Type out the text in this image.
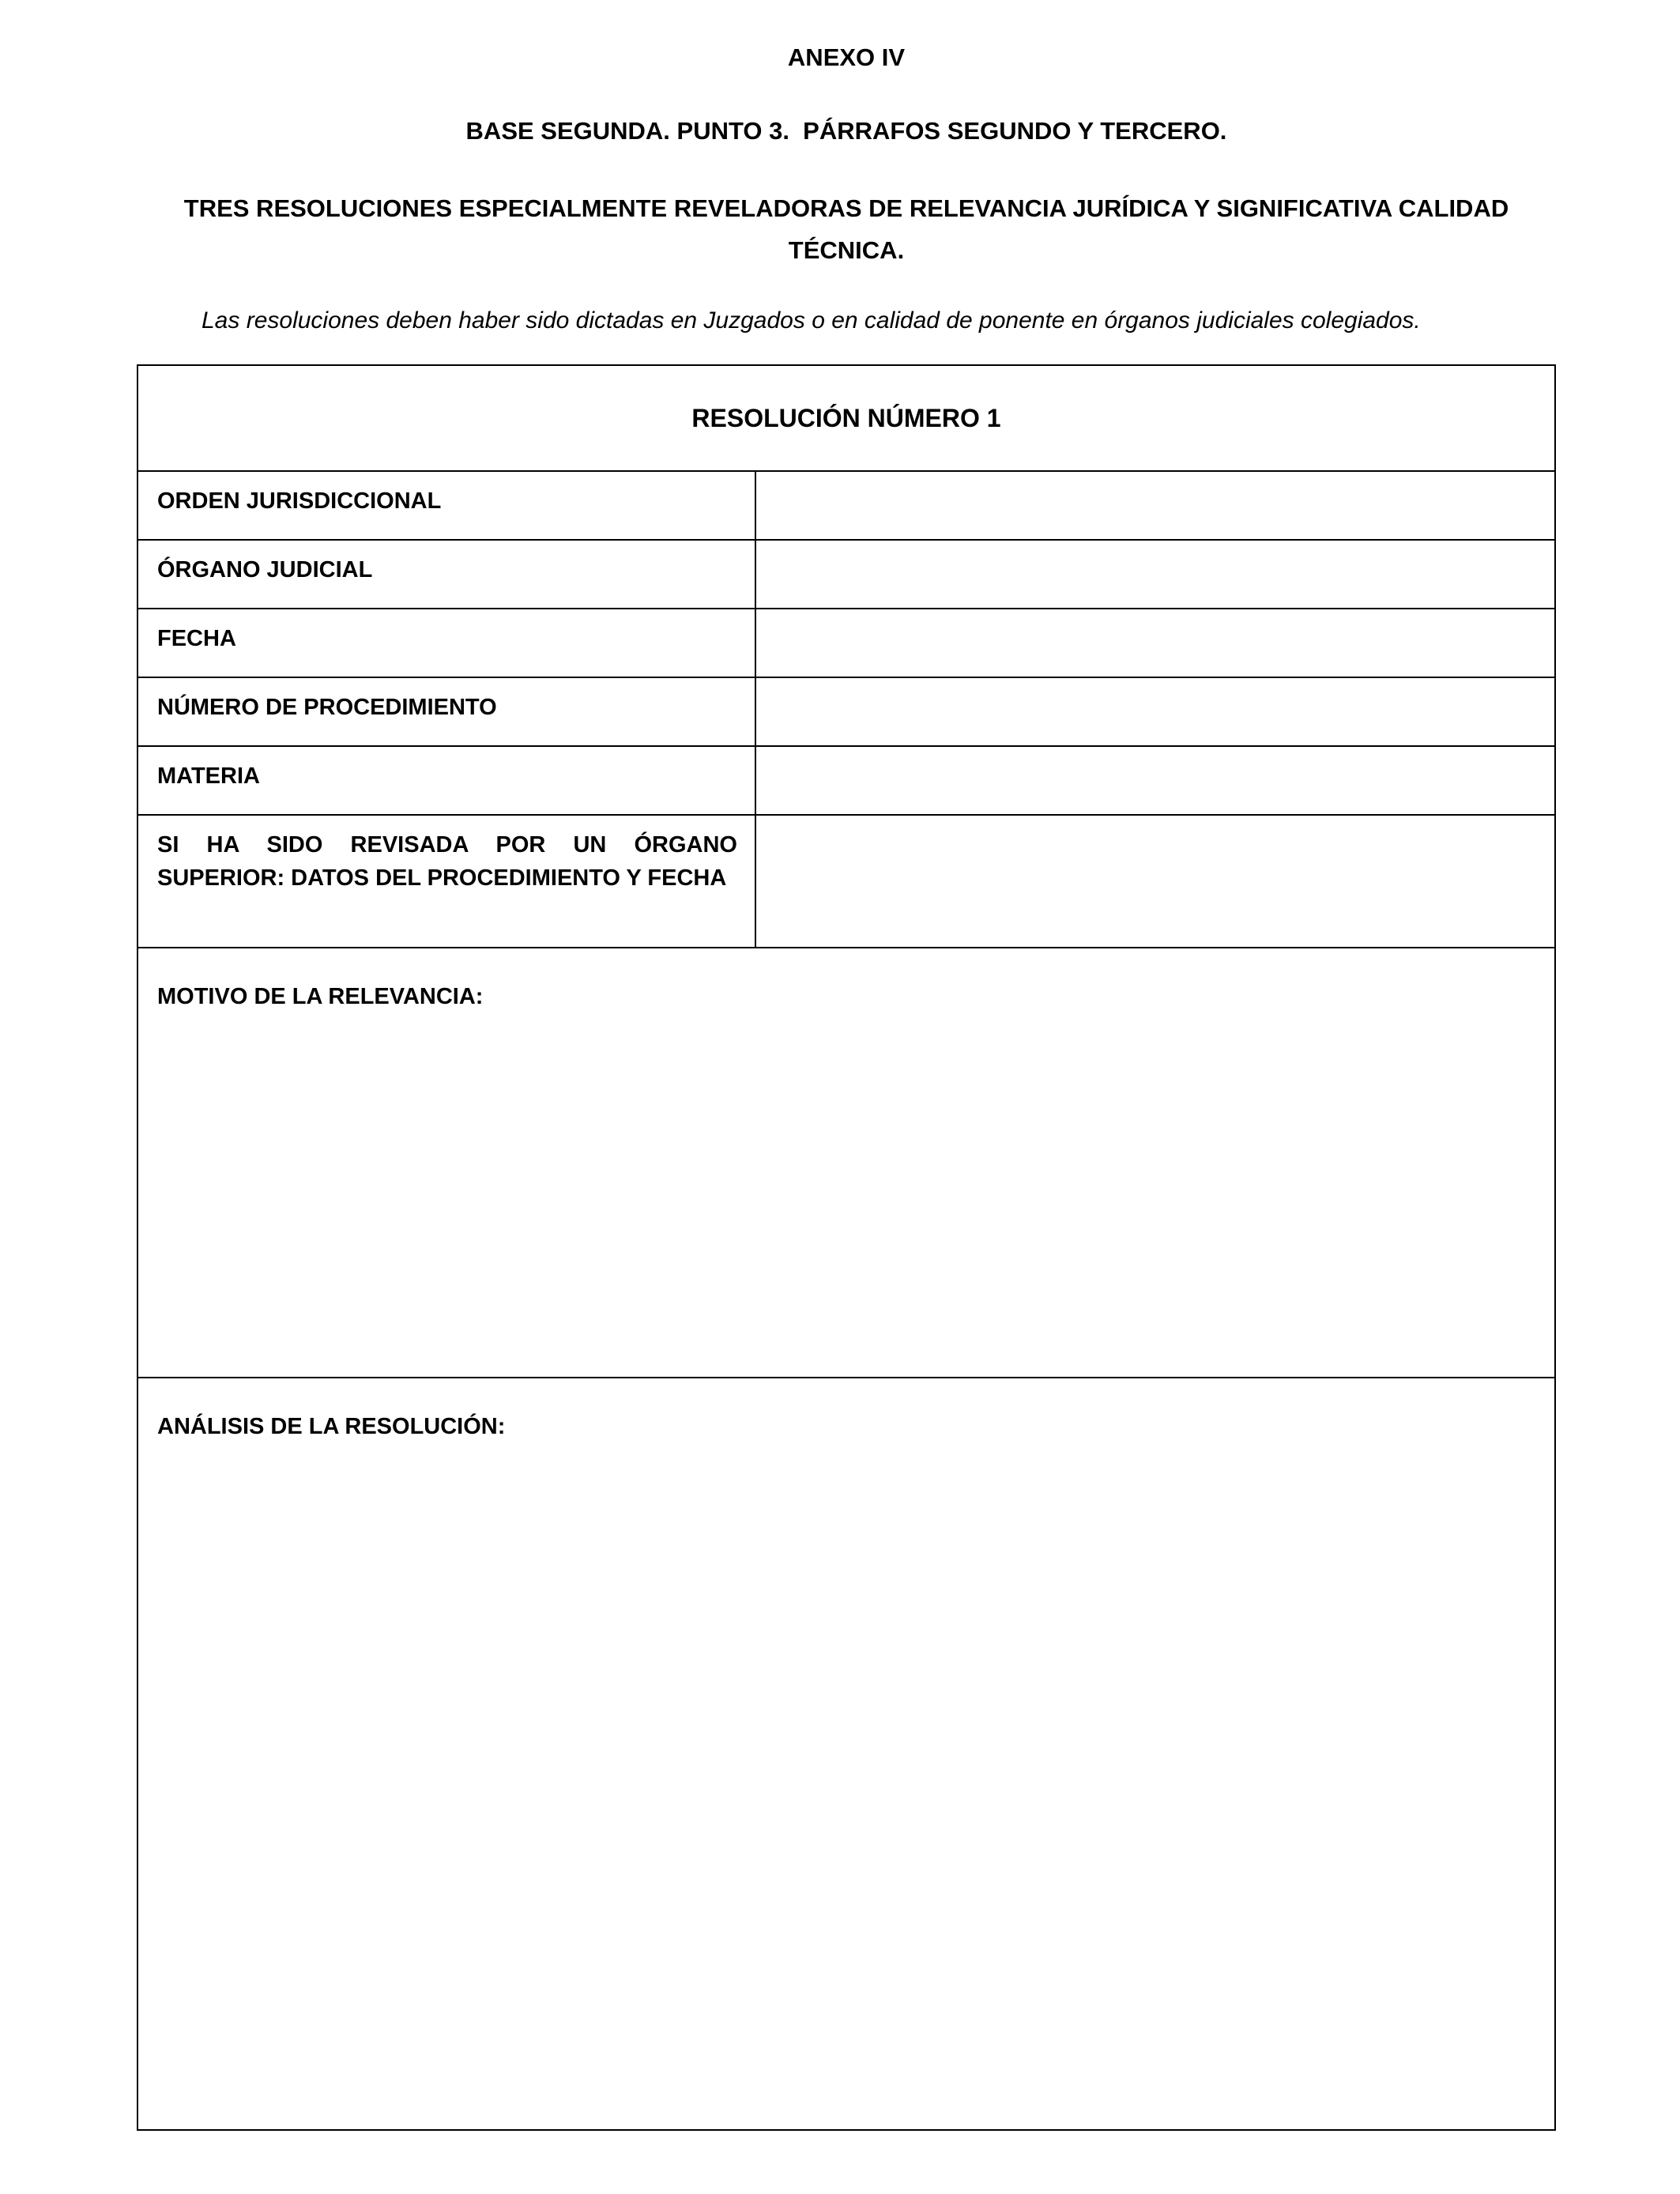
ANEXO IV
BASE SEGUNDA. PUNTO 3.  PÁRRAFOS SEGUNDO Y TERCERO.
TRES RESOLUCIONES ESPECIALMENTE REVELADORAS DE RELEVANCIA JURÍDICA Y SIGNIFICATIVA CALIDAD TÉCNICA.

Las resoluciones deben haber sido dictadas en Juzgados o en calidad de ponente en órganos judiciales colegiados.

RESOLUCIÓN NÚMERO 1
ORDEN JURISDICCIONAL
ÓRGANO JUDICIAL
FECHA
NÚMERO DE PROCEDIMIENTO
MATERIA
SI HA SIDO REVISADA POR UN ÓRGANO SUPERIOR: DATOS DEL PROCEDIMIENTO Y FECHA
MOTIVO DE LA RELEVANCIA:
ANÁLISIS DE LA RESOLUCIÓN:
